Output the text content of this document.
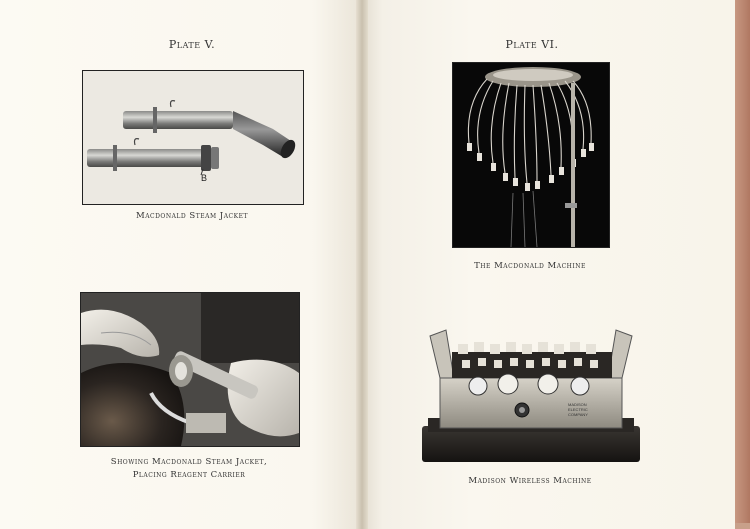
Plate V.
B
Macdonald Steam Jacket
Showing Macdonald Steam Jacket,
Placing Reagent Carrier
Plate VI.
The Macdonald Machine
MADISON ELECTRIC COMPANY
Madison Wireless Machine
